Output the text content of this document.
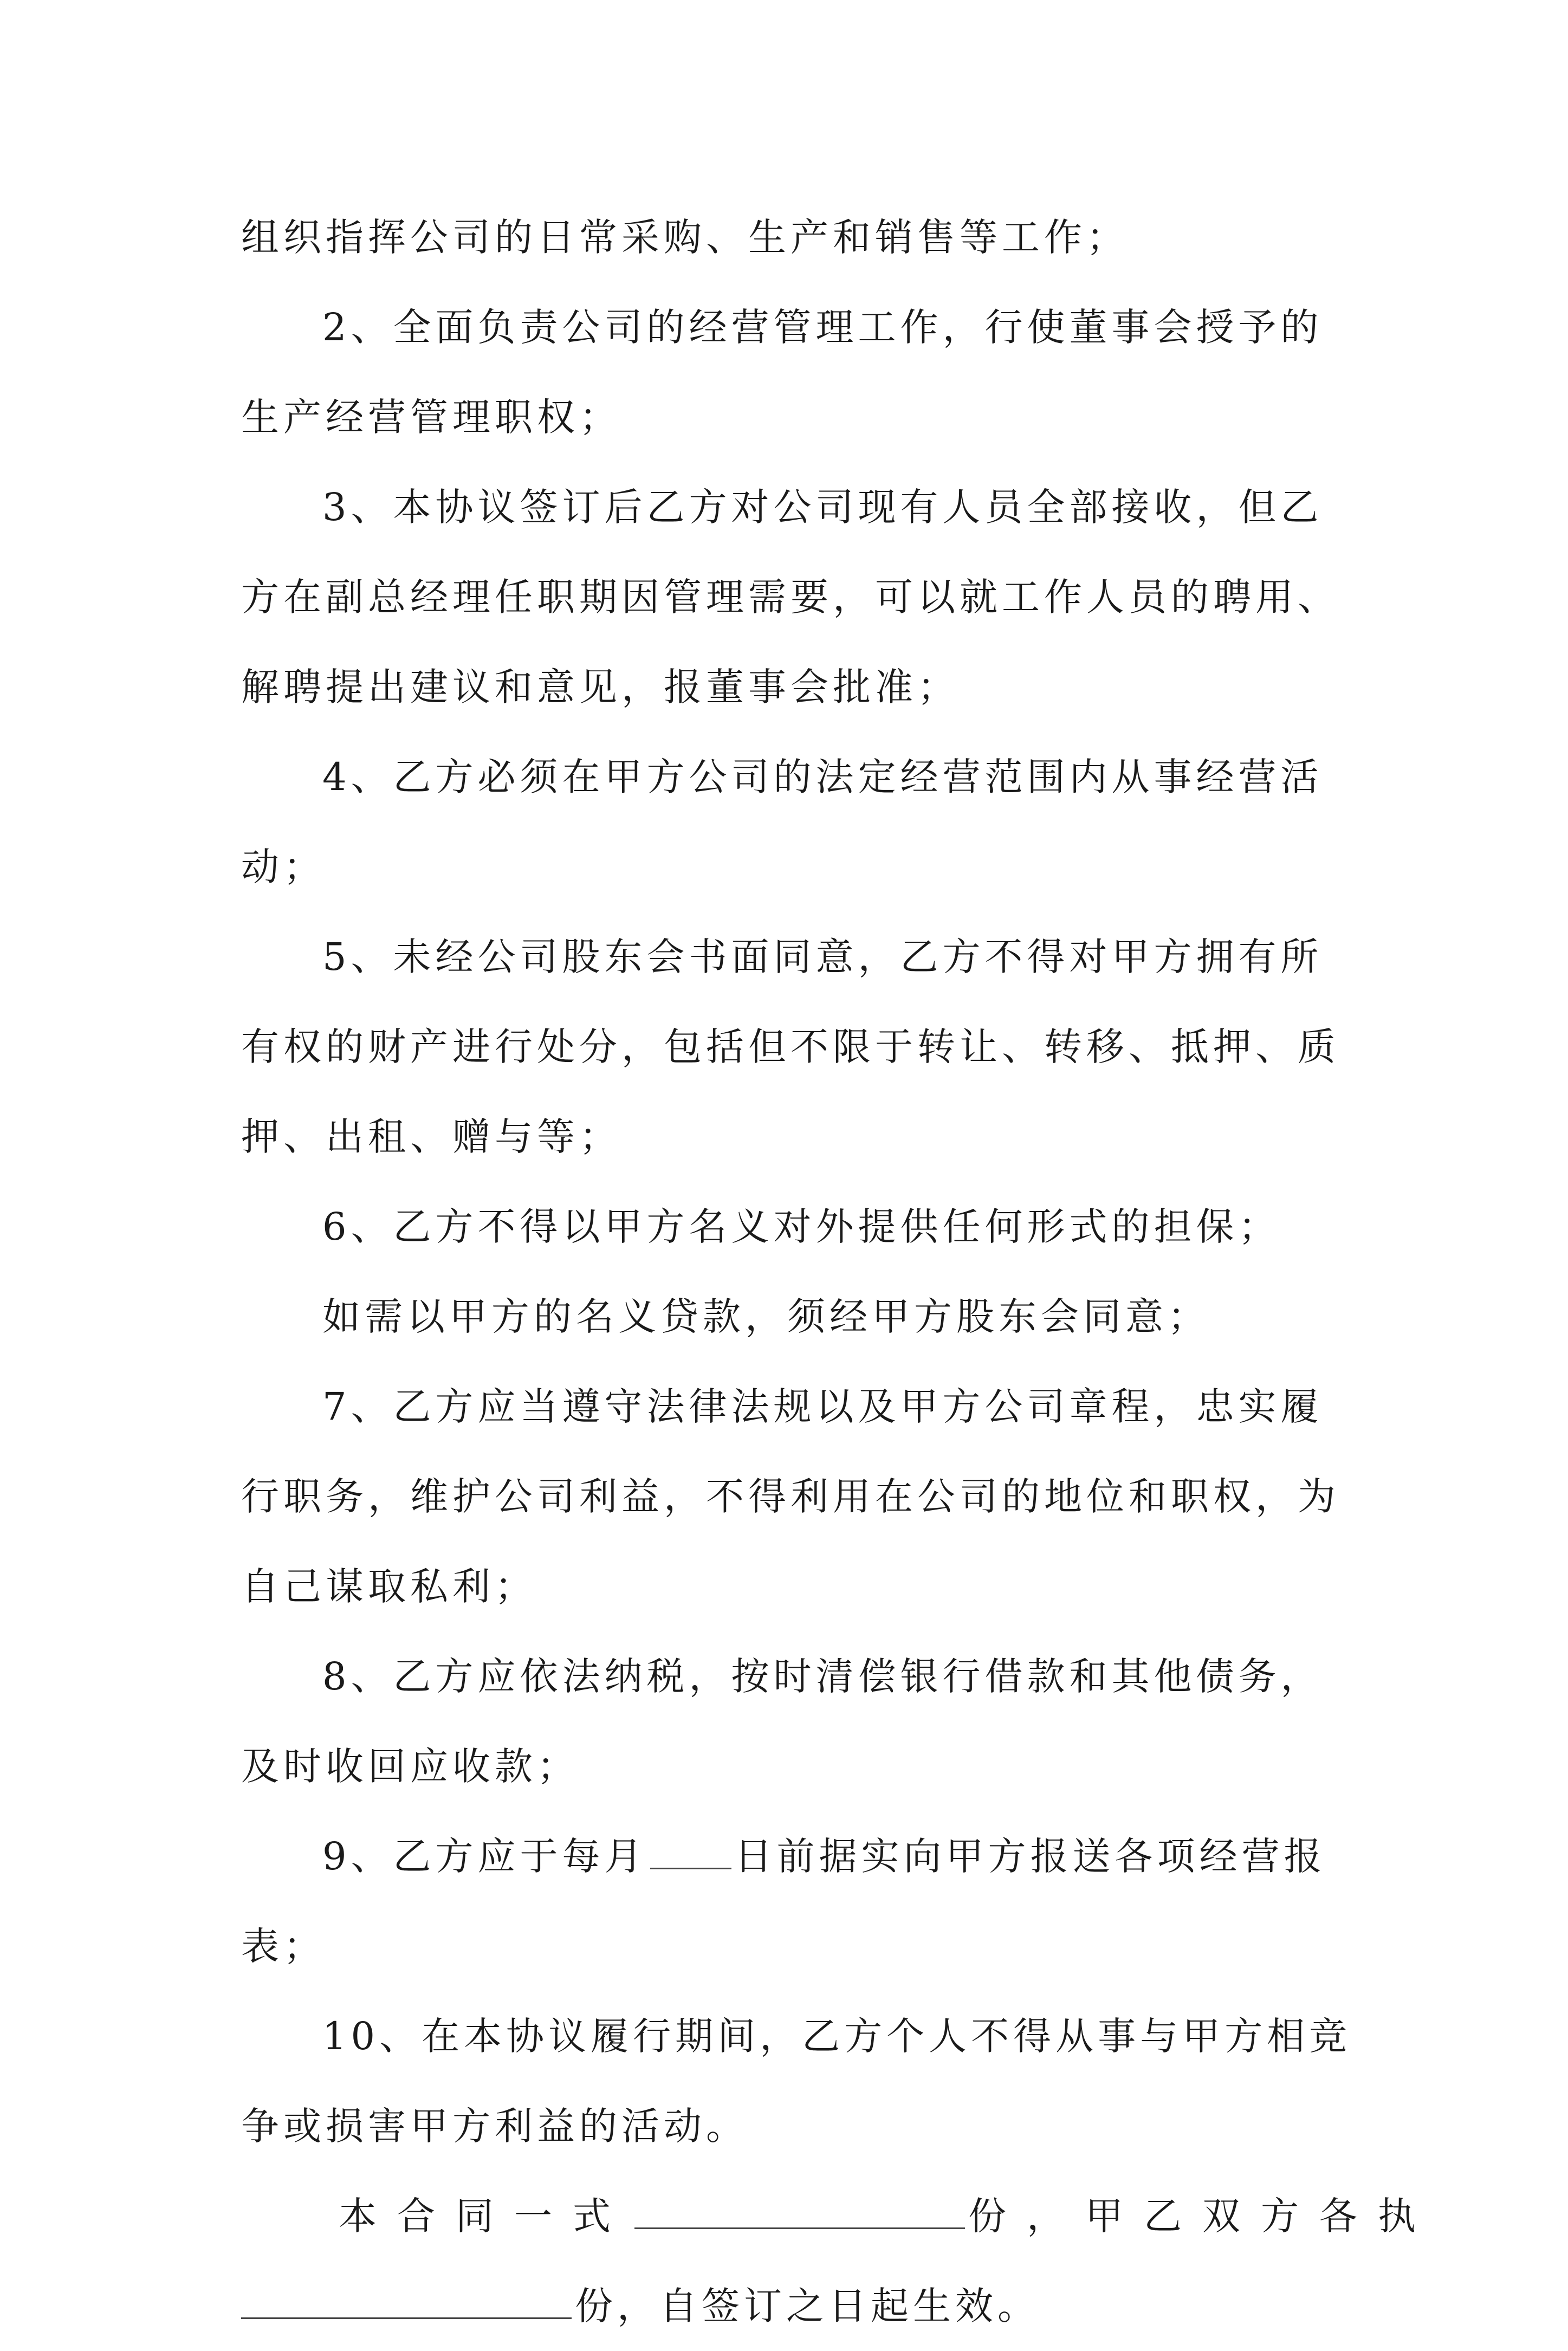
组织指挥公司的日常采购、生产和销售等工作；
2、全面负责公司的经营管理工作，行使董事会授予的
生产经营管理职权；
3、本协议签订后乙方对公司现有人员全部接收，但乙
方在副总经理任职期因管理需要，可以就工作人员的聘用、
解聘提出建议和意见，报董事会批准；
4、乙方必须在甲方公司的法定经营范围内从事经营活
动；
5、未经公司股东会书面同意，乙方不得对甲方拥有所
有权的财产进行处分，包括但不限于转让、转移、抵押、质
押、出租、赠与等；
6、乙方不得以甲方名义对外提供任何形式的担保；
如需以甲方的名义贷款，须经甲方股东会同意；
7、乙方应当遵守法律法规以及甲方公司章程，忠实履
行职务，维护公司利益，不得利用在公司的地位和职权，为
自己谋取私利；
8、乙方应依法纳税，按时清偿银行借款和其他债务，
及时收回应收款；
9、乙方应于每月 日前据实向甲方报送各项经营报
表；
10、在本协议履行期间，乙方个人不得从事与甲方相竞
争或损害甲方利益的活动。
本合同一式	份，甲乙双方各执
份，自签订之日起生效。
